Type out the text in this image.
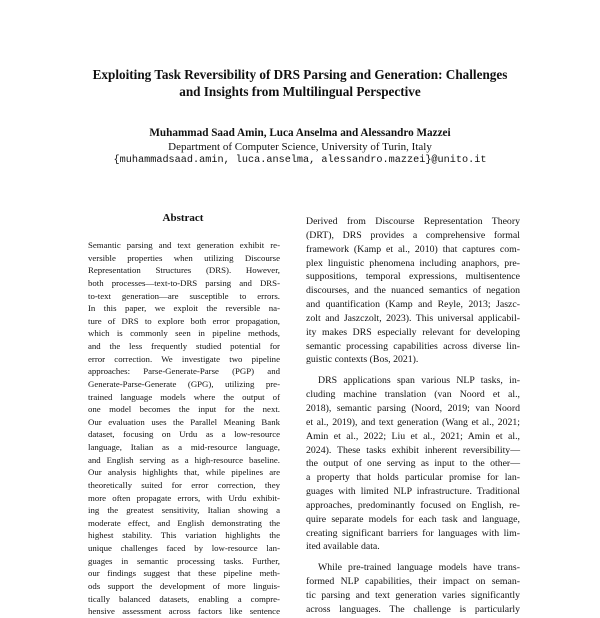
Exploiting Task Reversibility of DRS Parsing and Generation: Challenges
and Insights from Multilingual Perspective
Muhammad Saad Amin, Luca Anselma and Alessandro Mazzei
Department of Computer Science, University of Turin, Italy
{muhammadsaad.amin, luca.anselma, alessandro.mazzei}@unito.it
Abstract
Semantic parsing and text generation exhibit re-
versible properties when utilizing Discourse
Representation Structures (DRS). However,
both processes—text-to-DRS parsing and DRS-
to-text generation—are susceptible to errors.
In this paper, we exploit the reversible na-
ture of DRS to explore both error propagation,
which is commonly seen in pipeline methods,
and the less frequently studied potential for
error correction. We investigate two pipeline
approaches: Parse-Generate-Parse (PGP) and
Generate-Parse-Generate (GPG), utilizing pre-
trained language models where the output of
one model becomes the input for the next.
Our evaluation uses the Parallel Meaning Bank
dataset, focusing on Urdu as a low-resource
language, Italian as a mid-resource language,
and English serving as a high-resource baseline.
Our analysis highlights that, while pipelines are
theoretically suited for error correction, they
more often propagate errors, with Urdu exhibit-
ing the greatest sensitivity, Italian showing a
moderate effect, and English demonstrating the
highest stability. This variation highlights the
unique challenges faced by low-resource lan-
guages in semantic processing tasks. Further,
our findings suggest that these pipeline meth-
ods support the development of more linguis-
tically balanced datasets, enabling a compre-
hensive assessment across factors like sentence
Derived from Discourse Representation Theory
(DRT), DRS provides a comprehensive formal
framework (Kamp et al., 2010) that captures com-
plex linguistic phenomena including anaphors, pre-
suppositions, temporal expressions, multisentence
discourses, and the nuanced semantics of negation
and quantification (Kamp and Reyle, 2013; Jaszc-
zolt and Jaszczolt, 2023). This universal applicabil-
ity makes DRS especially relevant for developing
semantic processing capabilities across diverse lin-
guistic contexts (Bos, 2021).
DRS applications span various NLP tasks, in-
cluding machine translation (van Noord et al.,
2018), semantic parsing (Noord, 2019; van Noord
et al., 2019), and text generation (Wang et al., 2021;
Amin et al., 2022; Liu et al., 2021; Amin et al.,
2024). These tasks exhibit inherent reversibility—
the output of one serving as input to the other—
a property that holds particular promise for lan-
guages with limited NLP infrastructure. Traditional
approaches, predominantly focused on English, re-
quire separate models for each task and language,
creating significant barriers for languages with lim-
ited available data.
While pre-trained language models have trans-
formed NLP capabilities, their impact on seman-
tic parsing and text generation varies significantly
across languages. The challenge is particularly
